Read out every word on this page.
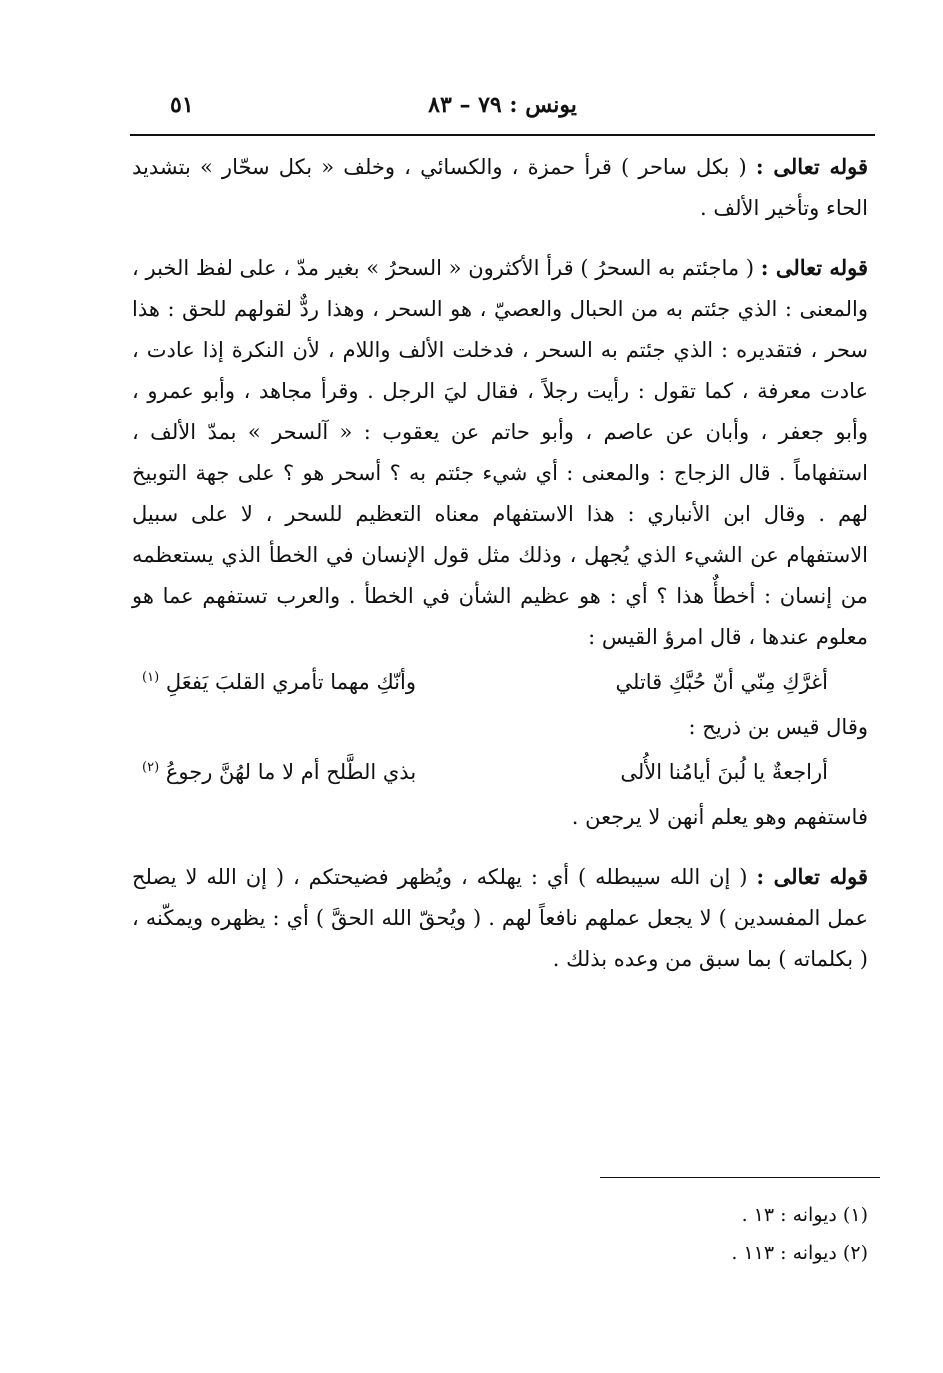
٥١	يونس : ٧٩ – ٨٣

قوله تعالى : ( بكل ساحر ) قرأ حمزة ، والكسائي ، وخلف « بكل سحّار » بتشديد الحاء وتأخير الألف .

قوله تعالى : ( ماجئتم به السحرُ ) قرأ الأكثرون « السحرُ » بغير مدّ ، على لفظ الخبر ، والمعنى : الذي جئتم به من الحبال والعصيّ ، هو السحر ، وهذا ردٌّ لقولهم للحق : هذا سحر ، فتقديره : الذي جئتم به السحر ، فدخلت الألف واللام ، لأن النكرة إذا عادت ، عادت معرفة ، كما تقول : رأيت رجلاً ، فقال ليَ الرجل . وقرأ مجاهد ، وأبو عمرو ، وأبو جعفر ، وأبان عن عاصم ، وأبو حاتم عن يعقوب : « آلسحر » بمدّ الألف ، استفهاماً . قال الزجاج : والمعنى : أي شيء جئتم به ؟ أسحر هو ؟ على جهة التوبيخ لهم . وقال ابن الأنباري : هذا الاستفهام معناه التعظيم للسحر ، لا على سبيل الاستفهام عن الشيء الذي يُجهل ، وذلك مثل قول الإنسان في الخطأ الذي يستعظمه من إنسان : أخطأٌ هذا ؟ أي : هو عظيم الشأن في الخطأ . والعرب تستفهم عما هو معلوم عندها ، قال امرؤ القيس :

أغرَّكِ مِنّي أنّ حُبَّكِ قاتلي
وأنّكِ مهما تأمري القلبَ يَفعَلِ $^{(١)}$

وقال قيس بن ذريح :

أراجعةٌ يا لُبنَ أيامُنا الأُلى
بذي الطَّلح أم لا ما لهُنَّ رجوعُ $^{(٢)}$

فاستفهم وهو يعلم أنهن لا يرجعن .

قوله تعالى : ( إن الله سيبطله ) أي : يهلكه ، ويُظهر فضيحتكم ، ( إن الله لا يصلح عمل المفسدين ) لا يجعل عملهم نافعاً لهم . ( ويُحقّ الله الحقَّ ) أي : يظهره ويمكّنه ، ( بكلماته ) بما سبق من وعده بذلك .

(١) ديوانه : ١٣ .

(٢) ديوانه : ١١٣ .
